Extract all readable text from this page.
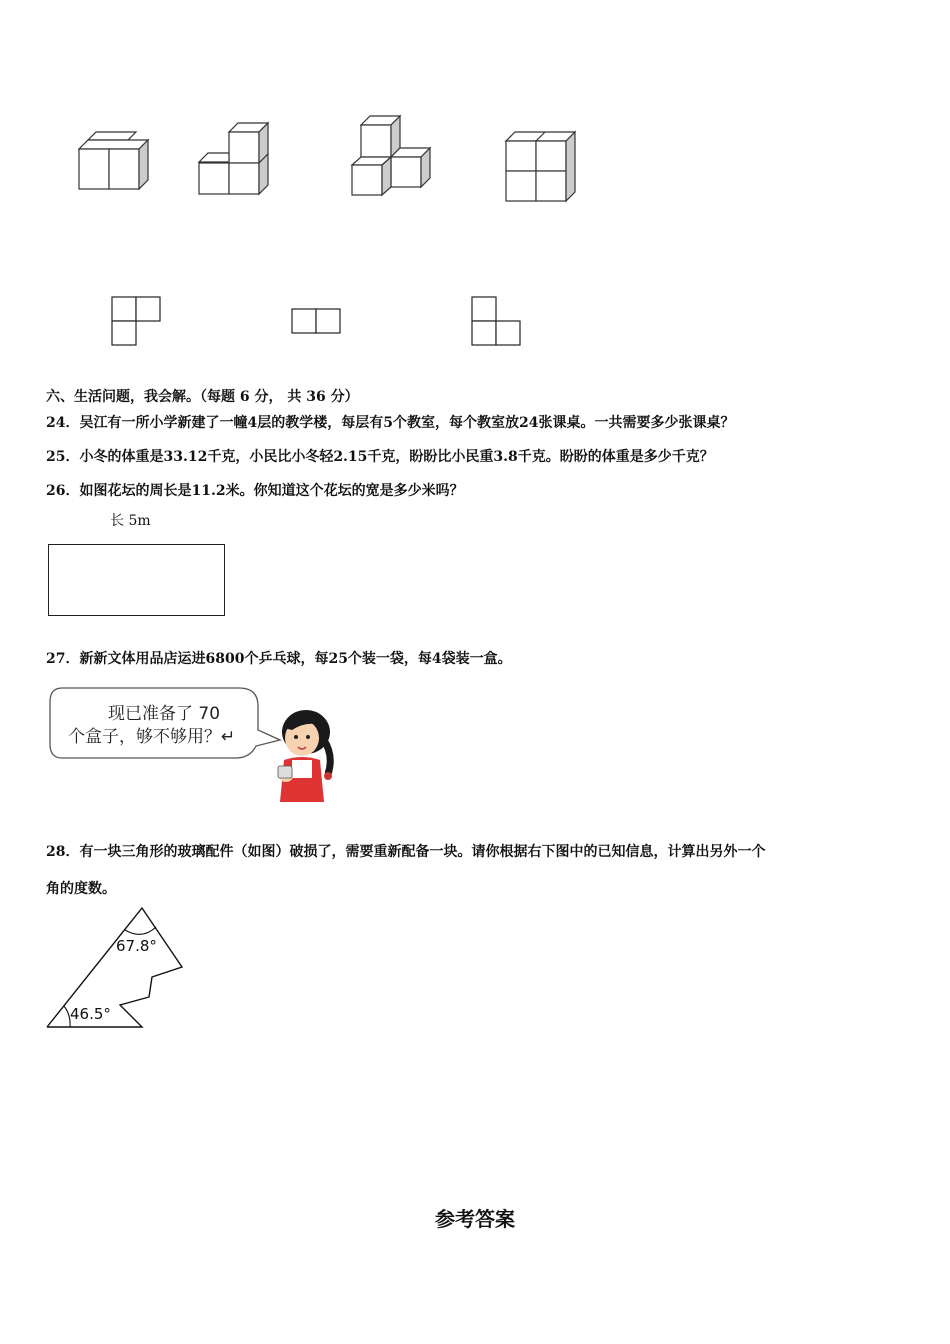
六、生活问题，我会解。（每题 6 分， 共 36 分）
24．吴江有一所小学新建了一幢4层的教学楼，每层有5个教室，每个教室放24张课桌。一共需要多少张课桌？
25．小冬的体重是33.12千克，小民比小冬轻2.15千克，盼盼比小民重3.8千克。盼盼的体重是多少千克？
26．如图花坛的周长是11.2米。你知道这个花坛的宽是多少米吗？
长 5m
27．新新文体用品店运进6800个乒乓球，每25个装一袋，每4袋装一盒。
现已准备了 70
个盒子，够不够用？↵
28．有一块三角形的玻璃配件（如图）破损了，需要重新配备一块。请你根据右下图中的已知信息，计算出另外一个
角的度数。
67.8°
46.5°
参考答案
